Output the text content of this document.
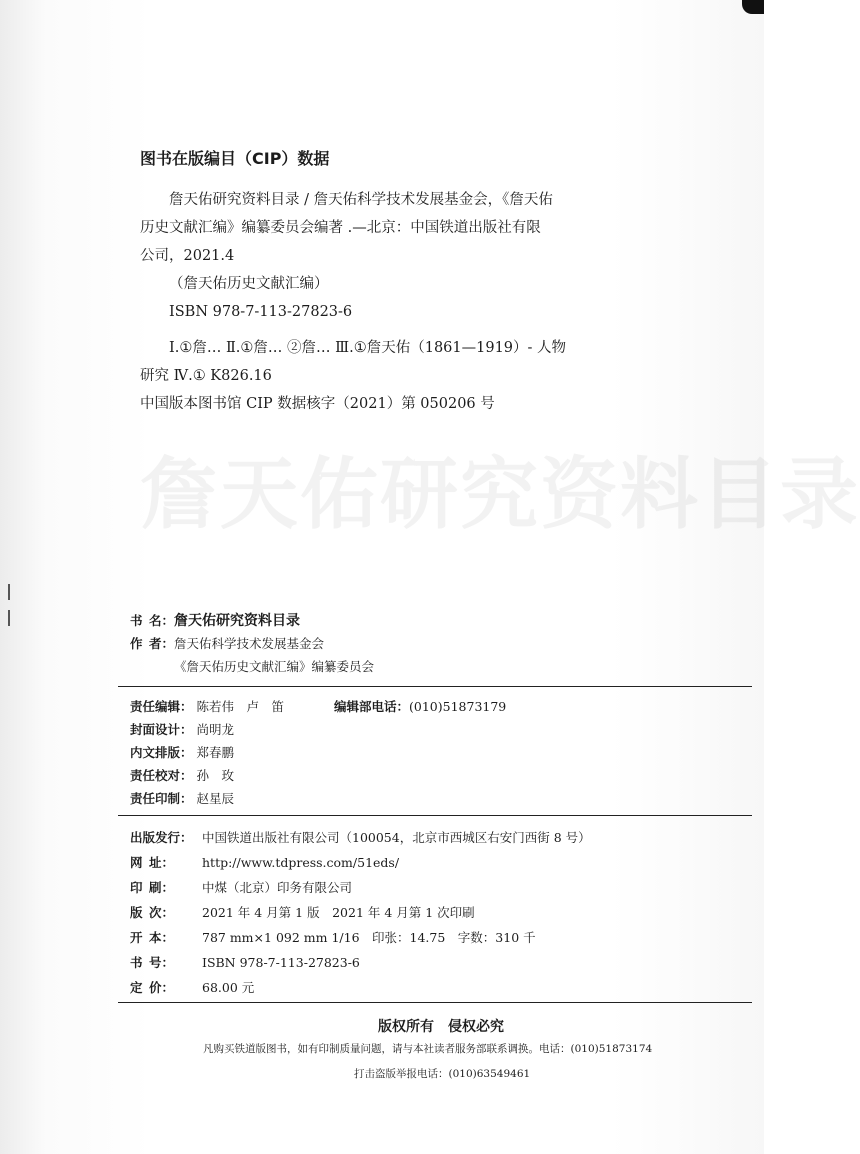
詹天佑研究资料目录
图书在版编目（CIP）数据

詹天佑研究资料目录 / 詹天佑科学技术发展基金会，《詹天佑

历史文献汇编》编纂委员会编著 .—北京：中国铁道出版社有限

公司，2021.4

（詹天佑历史文献汇编）

ISBN 978-7-113-27823-6

Ⅰ.①詹… Ⅱ.①詹… ②詹… Ⅲ.①詹天佑（1861—1919）- 人物

研究 Ⅳ.① K826.16

中国版本图书馆 CIP 数据核字（2021）第 050206 号
书 名： 詹天佑研究资料目录
作 者： 詹天佑科学技术发展基金会
《詹天佑历史文献汇编》编纂委员会
责任编辑： 陈若伟　卢　笛	编辑部电话：(010)51873179
封面设计： 尚明龙
内文排版： 郑春鹏
责任校对： 孙　玫
责任印制： 赵星辰
出版发行： 中国铁道出版社有限公司（100054，北京市西城区右安门西街 8 号）
网 址： http://www.tdpress.com/51eds/
印 刷： 中煤（北京）印务有限公司
版 次： 2021 年 4 月第 1 版　2021 年 4 月第 1 次印刷
开 本： 787 mm×1 092 mm 1/16　印张：14.75　字数：310 千
书 号： ISBN 978-7-113-27823-6
定 价： 68.00 元
版权所有　侵权必究
凡购买铁道版图书，如有印制质量问题，请与本社读者服务部联系调换。电话：(010)51873174
打击盗版举报电话：(010)63549461
